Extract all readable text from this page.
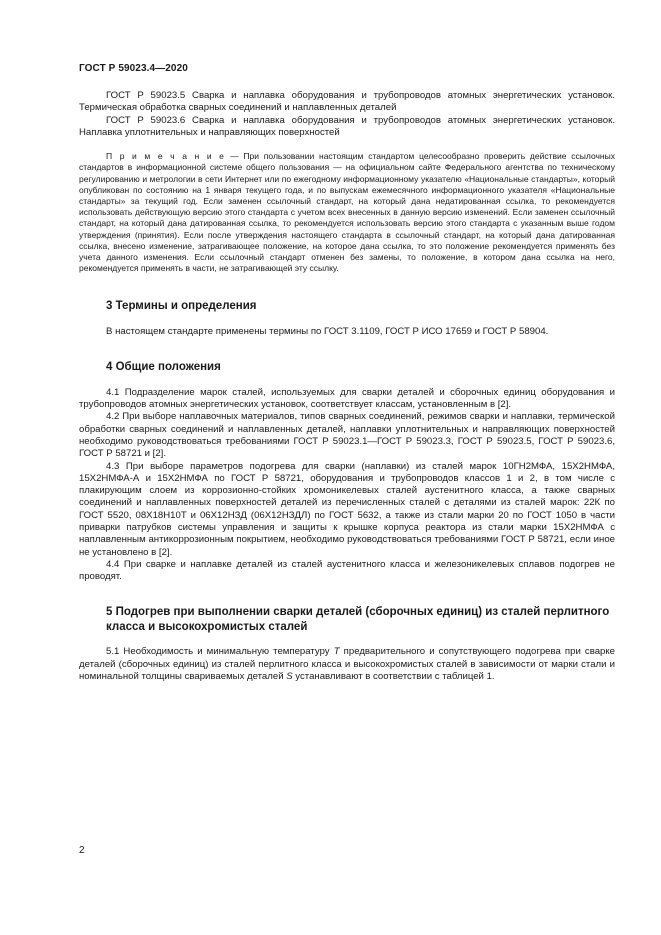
ГОСТ Р 59023.4—2020

ГОСТ Р 59023.5 Сварка и наплавка оборудования и трубопроводов атомных энергетических установок. Термическая обработка сварных соединений и наплавленных деталей

ГОСТ Р 59023.6 Сварка и наплавка оборудования и трубопроводов атомных энергетических установок. Наплавка уплотнительных и направляющих поверхностей

П р и м е ч а н и е — При пользовании настоящим стандартом целесообразно проверить действие ссылочных стандартов в информационной системе общего пользования — на официальном сайте Федерального агентства по техническому регулированию и метрологии в сети Интернет или по ежегодному информационному указателю «Национальные стандарты», который опубликован по состоянию на 1 января текущего года, и по выпускам ежемесячного информационного указателя «Национальные стандарты» за текущий год. Если заменен ссылочный стандарт, на который дана недатированная ссылка, то рекомендуется использовать действующую версию этого стандарта с учетом всех внесенных в данную версию изменений. Если заменен ссылочный стандарт, на который дана датированная ссылка, то рекомендуется использовать версию этого стандарта с указанным выше годом утверждения (принятия). Если после утверждения настоящего стандарта в ссылочный стандарт, на который дана датированная ссылка, внесено изменение, затрагивающее положение, на которое дана ссылка, то это положение рекомендуется применять без учета данного изменения. Если ссылочный стандарт отменен без замены, то положение, в котором дана ссылка на него, рекомендуется применять в части, не затрагивающей эту ссылку.

3 Термины и определения

В настоящем стандарте применены термины по ГОСТ 3.1109, ГОСТ Р ИСО 17659 и ГОСТ Р 58904.

4 Общие положения

4.1 Подразделение марок сталей, используемых для сварки деталей и сборочных единиц оборудования и трубопроводов атомных энергетических установок, соответствует классам, установленным в [2].

4.2 При выборе наплавочных материалов, типов сварных соединений, режимов сварки и наплавки, термической обработки сварных соединений и наплавленных деталей, наплавки уплотнительных и направляющих поверхностей необходимо руководствоваться требованиями ГОСТ Р 59023.1—ГОСТ Р 59023.3, ГОСТ Р 59023.5, ГОСТ Р 59023.6, ГОСТ Р 58721 и [2].

4.3 При выборе параметров подогрева для сварки (наплавки) из сталей марок 10ГН2МФА, 15Х2НМФА, 15Х2НМФА-А и 15Х2НМФА по ГОСТ Р 58721, оборудования и трубопроводов классов 1 и 2, в том числе с плакирующим слоем из коррозионно-стойких хромоникелевых сталей аустенитного класса, а также сварных соединений и наплавленных поверхностей деталей из перечисленных сталей с деталями из сталей марок: 22К по ГОСТ 5520, 08Х18Н10Т и 06Х12НЗД (06Х12НЗДЛ) по ГОСТ 5632, а также из стали марки 20 по ГОСТ 1050 в части приварки патрубков системы управления и защиты к крышке корпуса реактора из стали марки 15Х2НМФА с наплавленным антикоррозионным покрытием, необходимо руководствоваться требованиями ГОСТ Р 58721, если иное не установлено в [2].

4.4 При сварке и наплавке деталей из сталей аустенитного класса и железоникелевых сплавов подогрев не проводят.

5 Подогрев при выполнении сварки деталей (сборочных единиц) из сталей перлитного класса и высокохромистых сталей

5.1 Необходимость и минимальную температуру T предварительного и сопутствующего подогрева при сварке деталей (сборочных единиц) из сталей перлитного класса и высокохромистых сталей в зависимости от марки стали и номинальной толщины свариваемых деталей S устанавливают в соответствии с таблицей 1.

2
